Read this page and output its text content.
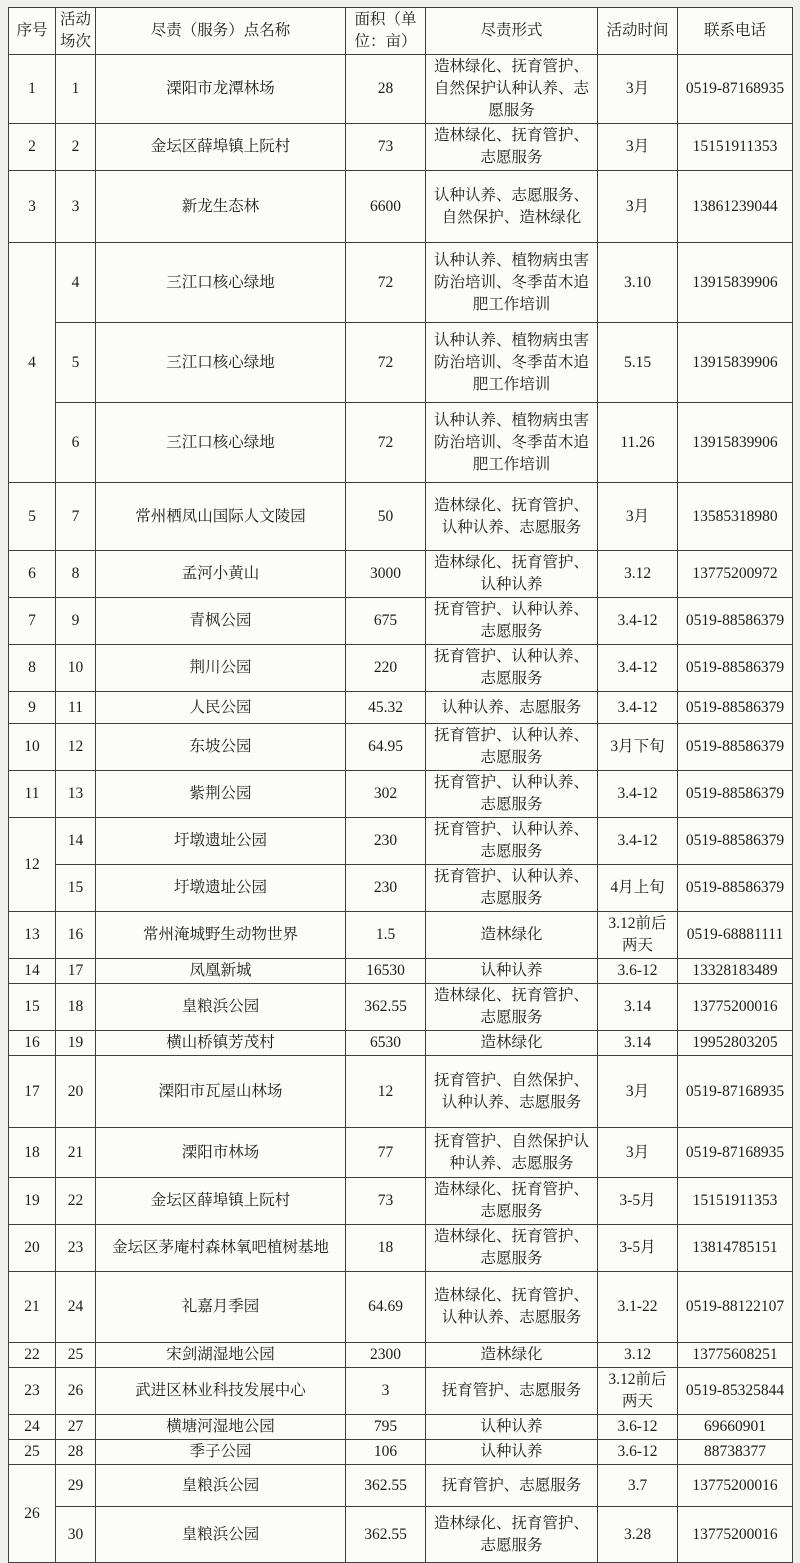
序号	活动场次	尽责（服务）点名称	面积（单位：亩）	尽责形式	活动时间	联系电话
1	1	溧阳市龙潭林场	28	造林绿化、抚育管护、自然保护认种认养、志愿服务	3月	0519-87168935
2	2	金坛区薛埠镇上阮村	73	造林绿化、抚育管护、志愿服务	3月	15151911353
3	3	新龙生态林	6600	认种认养、志愿服务、自然保护、造林绿化	3月	13861239044
4	4	三江口核心绿地	72	认种认养、植物病虫害防治培训、冬季苗木追肥工作培训	3.10	13915839906
	5	三江口核心绿地	72	认种认养、植物病虫害防治培训、冬季苗木追肥工作培训	5.15	13915839906
	6	三江口核心绿地	72	认种认养、植物病虫害防治培训、冬季苗木追肥工作培训	11.26	13915839906
5	7	常州栖凤山国际人文陵园	50	造林绿化、抚育管护、认种认养、志愿服务	3月	13585318980
6	8	孟河小黄山	3000	造林绿化、抚育管护、认种认养	3.12	13775200972
7	9	青枫公园	675	抚育管护、认种认养、志愿服务	3.4-12	0519-88586379
8	10	荆川公园	220	抚育管护、认种认养、志愿服务	3.4-12	0519-88586379
9	11	人民公园	45.32	认种认养、志愿服务	3.4-12	0519-88586379
10	12	东坡公园	64.95	抚育管护、认种认养、志愿服务	3月下旬	0519-88586379
11	13	紫荆公园	302	抚育管护、认种认养、志愿服务	3.4-12	0519-88586379
12	14	圩墩遗址公园	230	抚育管护、认种认养、志愿服务	3.4-12	0519-88586379
	15	圩墩遗址公园	230	抚育管护、认种认养、志愿服务	4月上旬	0519-88586379
13	16	常州淹城野生动物世界	1.5	造林绿化	3.12前后两天	0519-68881111
14	17	凤凰新城	16530	认种认养	3.6-12	13328183489
15	18	皇粮浜公园	362.55	造林绿化、抚育管护、志愿服务	3.14	13775200016
16	19	横山桥镇芳茂村	6530	造林绿化	3.14	19952803205
17	20	溧阳市瓦屋山林场	12	抚育管护、自然保护、认种认养、志愿服务	3月	0519-87168935
18	21	溧阳市林场	77	抚育管护、自然保护认种认养、志愿服务	3月	0519-87168935
19	22	金坛区薛埠镇上阮村	73	造林绿化、抚育管护、志愿服务	3-5月	15151911353
20	23	金坛区茅庵村森林氧吧植树基地	18	造林绿化、抚育管护、志愿服务	3-5月	13814785151
21	24	礼嘉月季园	64.69	造林绿化、抚育管护、认种认养、志愿服务	3.1-22	0519-88122107
22	25	宋剑湖湿地公园	2300	造林绿化	3.12	13775608251
23	26	武进区林业科技发展中心	3	抚育管护、志愿服务	3.12前后两天	0519-85325844
24	27	横塘河湿地公园	795	认种认养	3.6-12	69660901
25	28	季子公园	106	认种认养	3.6-12	88738377
26	29	皇粮浜公园	362.55	抚育管护、志愿服务	3.7	13775200016
	30	皇粮浜公园	362.55	造林绿化、抚育管护、志愿服务	3.28	13775200016
